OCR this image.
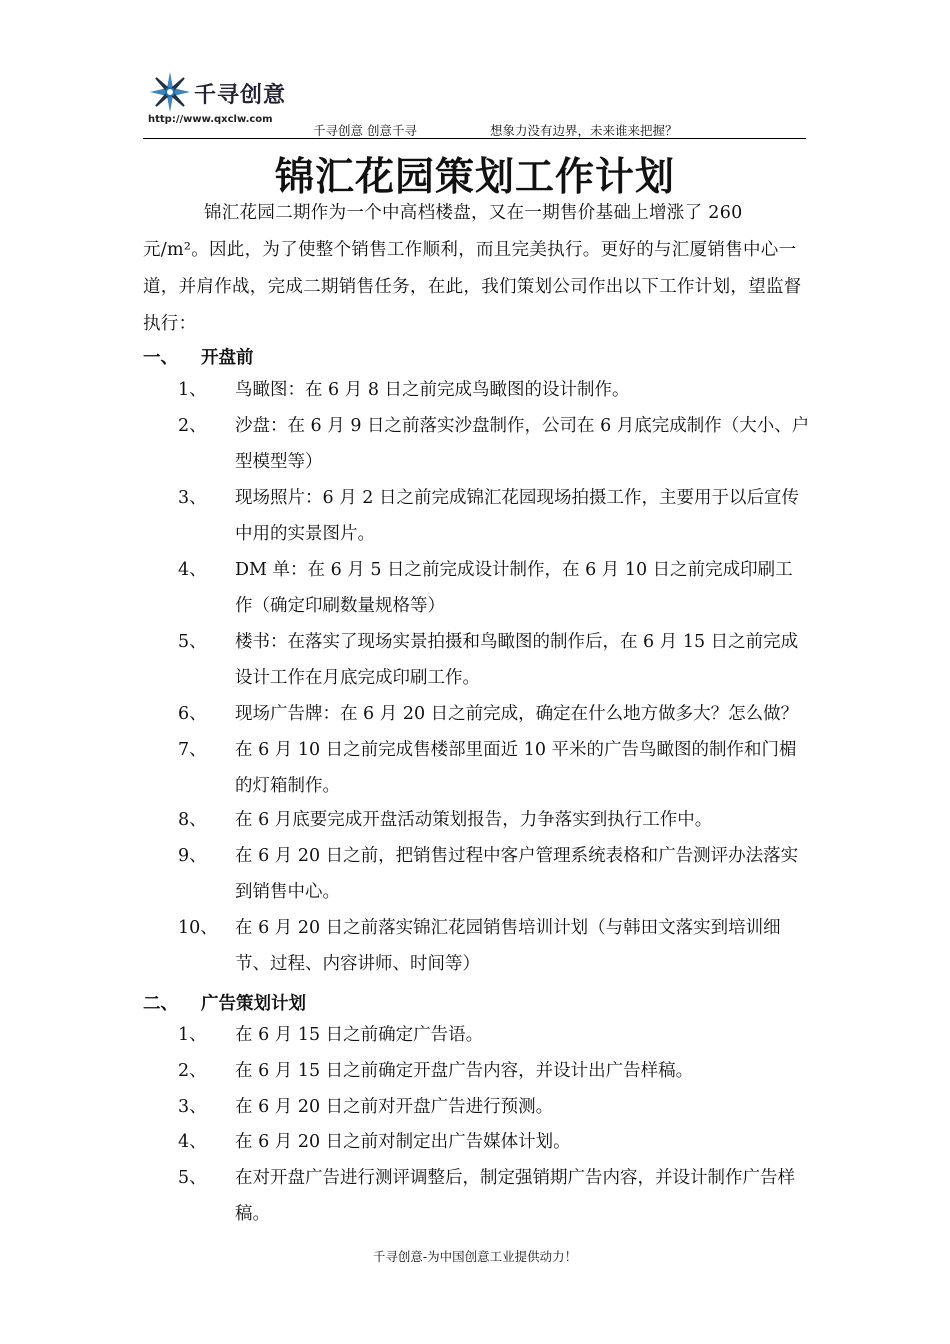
千寻创意
http://www.qxclw.com
千寻创意 创意千寻	想象力没有边界，未来谁来把握？
锦汇花园策划工作计划
锦汇花园二期作为一个中高档楼盘，又在一期售价基础上增涨了 260 元/m²。因此，为了使整个销售工作顺利，而且完美执行。更好的与汇厦销售中心一道，并肩作战，完成二期销售任务，在此，我们策划公司作出以下工作计划，望监督执行：
一、 开盘前
1、 鸟瞰图：在 6 月 8 日之前完成鸟瞰图的设计制作。
2、 沙盘：在 6 月 9 日之前落实沙盘制作，公司在 6 月底完成制作（大小、户型模型等）
3、 现场照片：6 月 2 日之前完成锦汇花园现场拍摄工作，主要用于以后宣传中用的实景图片。
4、 DM 单：在 6 月 5 日之前完成设计制作，在 6 月 10 日之前完成印刷工作（确定印刷数量规格等）
5、 楼书：在落实了现场实景拍摄和鸟瞰图的制作后，在 6 月 15 日之前完成设计工作在月底完成印刷工作。
6、 现场广告牌：在 6 月 20 日之前完成，确定在什么地方做多大？怎么做？
7、 在 6 月 10 日之前完成售楼部里面近 10 平米的广告鸟瞰图的制作和门楣的灯箱制作。
8、 在 6 月底要完成开盘活动策划报告，力争落实到执行工作中。
9、 在 6 月 20 日之前，把销售过程中客户管理系统表格和广告测评办法落实到销售中心。
10、 在 6 月 20 日之前落实锦汇花园销售培训计划（与韩田文落实到培训细节、过程、内容讲师、时间等）
二、 广告策划计划
1、 在 6 月 15 日之前确定广告语。
2、 在 6 月 15 日之前确定开盘广告内容，并设计出广告样稿。
3、 在 6 月 20 日之前对开盘广告进行预测。
4、 在 6 月 20 日之前对制定出广告媒体计划。
5、 在对开盘广告进行测评调整后，制定强销期广告内容，并设计制作广告样稿。
千寻创意-为中国创意工业提供动力！
